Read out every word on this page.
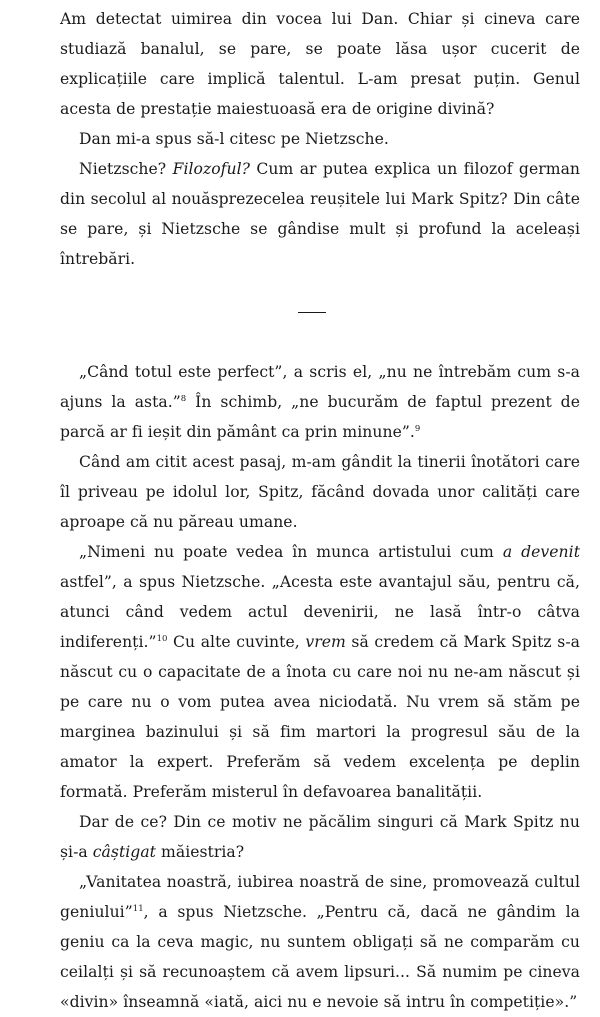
Am detectat uimirea din vocea lui Dan. Chiar și cineva care studiază banalul, se pare, se poate lăsa ușor cucerit de explicațiile care implică talentul. L-am presat puțin. Genul acesta de prestație maiestuoasă era de origine divină?

Dan mi-a spus să-l citesc pe Nietzsche.

Nietzsche? Filozoful? Cum ar putea explica un filozof german din secolul al nouăsprezecelea reușitele lui Mark Spitz? Din câte se pare, și Nietzsche se gândise mult și profund la aceleași întrebări.

„Când totul este perfect”, a scris el, „nu ne întrebăm cum s-a ajuns la asta.”$^8$ În schimb, „ne bucurăm de faptul prezent de parcă ar fi ieșit din pământ ca prin minune”.$^9$

Când am citit acest pasaj, m-am gândit la tinerii înotători care îl priveau pe idolul lor, Spitz, făcând dovada unor calități care aproape că nu păreau umane.

„Nimeni nu poate vedea în munca artistului cum a devenit astfel”, a spus Nietzsche. „Acesta este avantajul său, pentru că, atunci când vedem actul devenirii, ne lasă într-o câtva indiferenți.”$^{10}$ Cu alte cuvinte, vrem să credem că Mark Spitz s-a născut cu o capacitate de a înota cu care noi nu ne-am născut și pe care nu o vom putea avea niciodată. Nu vrem să stăm pe marginea bazinului și să fim martori la progresul său de la amator la expert. Preferăm să vedem excelența pe deplin formată. Preferăm misterul în defavoarea banalității.

Dar de ce? Din ce motiv ne păcălim singuri că Mark Spitz nu și-a câștigat măiestria?

„Vanitatea noastră, iubirea noastră de sine, promovează cultul geniului”$^{11}$, a spus Nietzsche. „Pentru că, dacă ne gândim la geniu ca la ceva magic, nu suntem obligați să ne comparăm cu ceilalți și să recunoaștem că avem lipsuri... Să numim pe cineva «divin» înseamnă «iată, aici nu e nevoie să intru în competiție».”
